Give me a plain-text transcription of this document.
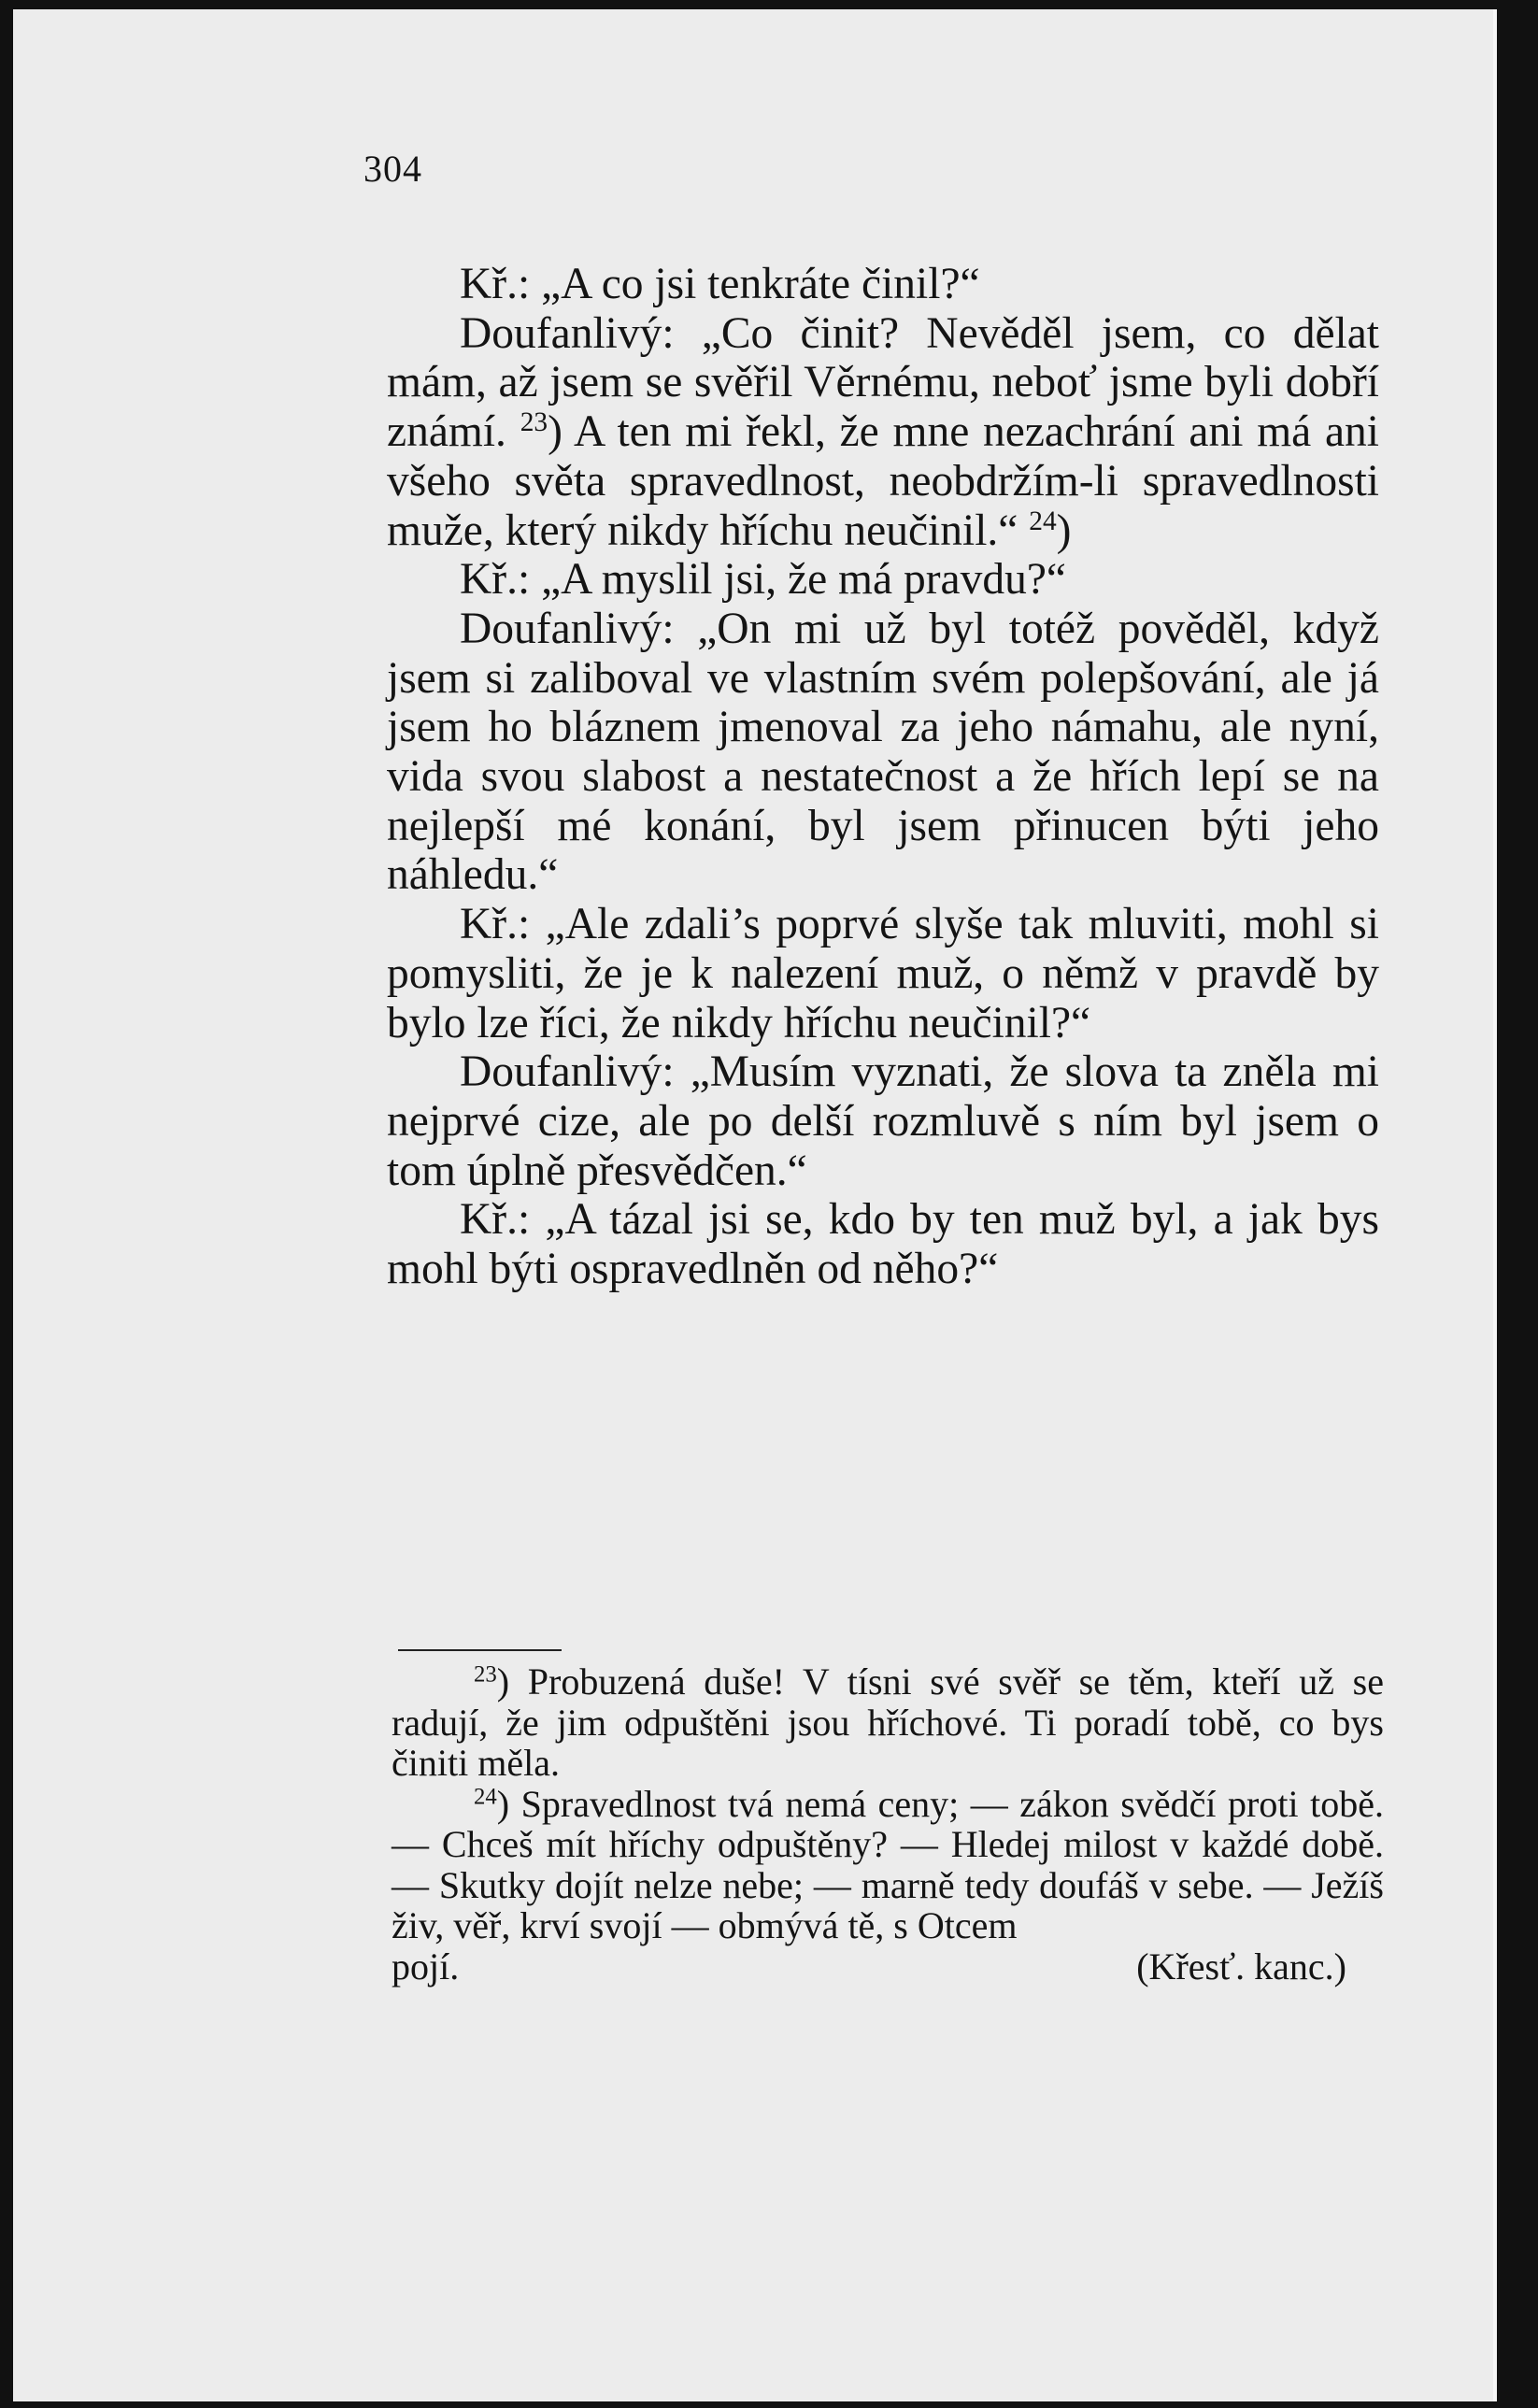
304

Kř.: „A co jsi tenkráte činil?“

Doufanlivý: „Co činit? Nevěděl jsem, co dělat mám, až jsem se svěřil Věrnému, neboť jsme byli dobří známí. $^{23}$) A ten mi řekl, že mne nezachrání ani má ani všeho světa spravedlnost, neobdržím-li spravedlnosti muže, který nikdy hříchu neučinil.“ $^{24}$)

Kř.: „A myslil jsi, že má pravdu?“

Doufanlivý: „On mi už byl totéž pověděl, když jsem si zaliboval ve vlastním svém polepšování, ale já jsem ho bláznem jmenoval za jeho námahu, ale nyní, vida svou slabost a nestatečnost a že hřích lepí se na nejlepší mé konání, byl jsem přinucen býti jeho náhledu.“

Kř.: „Ale zdali’s poprvé slyše tak mluviti, mohl si pomysliti, že je k nalezení muž, o němž v pravdě by bylo lze říci, že nikdy hříchu neučinil?“

Doufanlivý: „Musím vyznati, že slova ta zněla mi nejprvé cize, ale po delší rozmluvě s ním byl jsem o tom úplně přesvědčen.“

Kř.: „A tázal jsi se, kdo by ten muž byl, a jak bys mohl býti ospravedlněn od něho?“

$^{23}$) Probuzená duše! V tísni své svěř se těm, kteří už se radují, že jim odpuštěni jsou hříchové. Ti poradí tobě, co bys činiti měla.

$^{24}$) Spravedlnost tvá nemá ceny; — zákon svědčí proti tobě. — Chceš mít hříchy odpuštěny? — Hledej milost v každé době. — Skutky dojít nelze nebe; — marně tedy doufáš v sebe. — Ježíš živ, věř, krví svojí — obmývá tě, s Otcem

pojí.	(Křesť. kanc.)
